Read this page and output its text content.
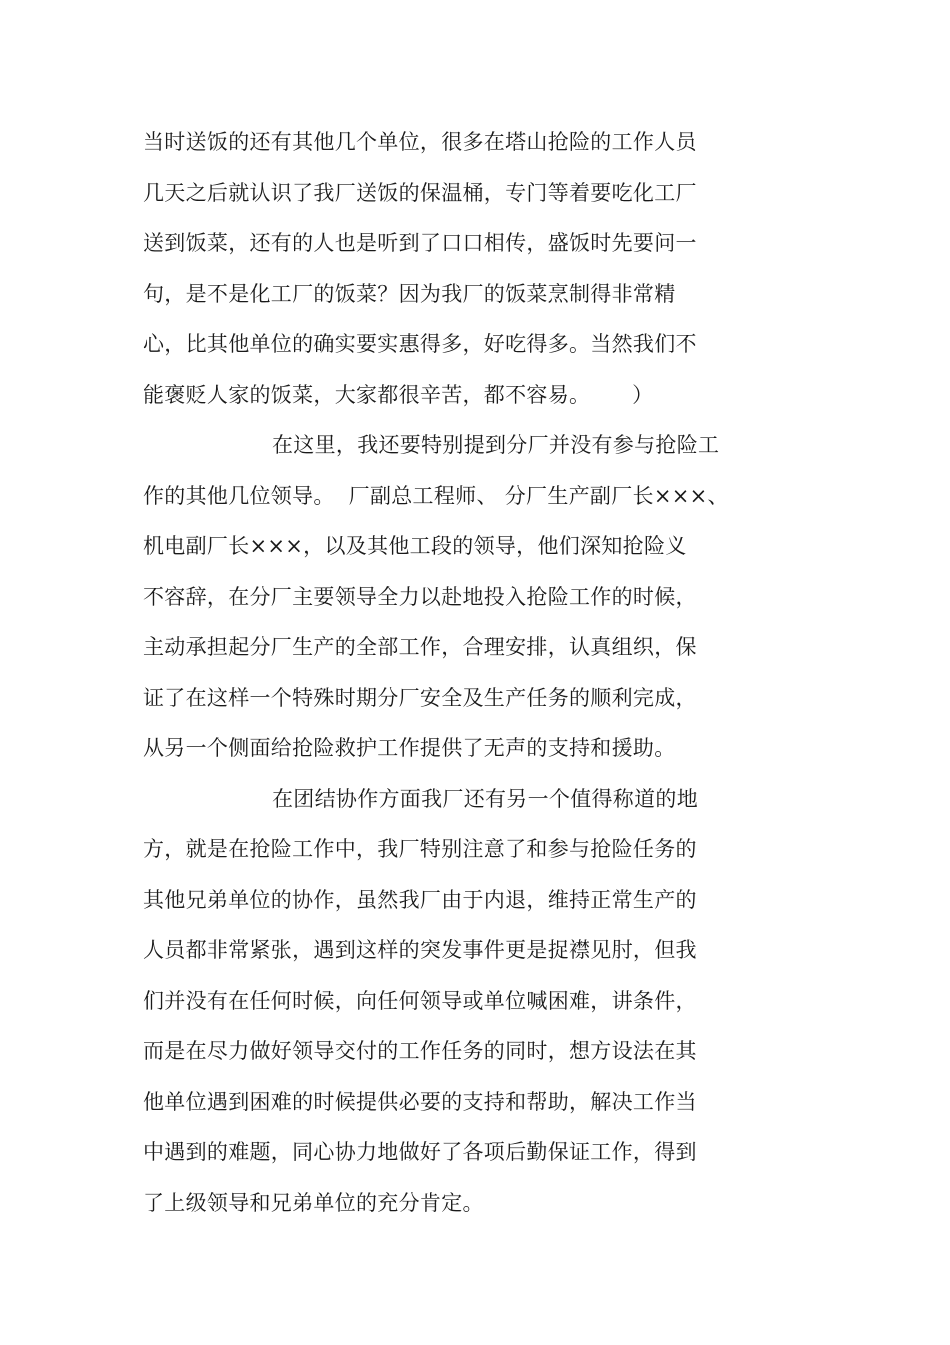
当时送饭的还有其他几个单位，很多在塔山抢险的工作人员
几天之后就认识了我厂送饭的保温桶，专门等着要吃化工厂
送到饭菜，还有的人也是听到了口口相传，盛饭时先要问一
句，是不是化工厂的饭菜？因为我厂的饭菜烹制得非常精
心，比其他单位的确实要实惠得多，好吃得多。当然我们不
能褒贬人家的饭菜，大家都很辛苦，都不容易。      ）
在这里，我还要特别提到分厂并没有参与抢险工
作的其他几位领导。  厂副总工程师、 分厂生产副厂长×××、
机电副厂长×××，以及其他工段的领导，他们深知抢险义
不容辞，在分厂主要领导全力以赴地投入抢险工作的时候，
主动承担起分厂生产的全部工作，合理安排，认真组织，保
证了在这样一个特殊时期分厂安全及生产任务的顺利完成，
从另一个侧面给抢险救护工作提供了无声的支持和援助。
在团结协作方面我厂还有另一个值得称道的地
方，就是在抢险工作中，我厂特别注意了和参与抢险任务的
其他兄弟单位的协作，虽然我厂由于内退，维持正常生产的
人员都非常紧张，遇到这样的突发事件更是捉襟见肘，但我
们并没有在任何时候，向任何领导或单位喊困难，讲条件，
而是在尽力做好领导交付的工作任务的同时，想方设法在其
他单位遇到困难的时候提供必要的支持和帮助，解决工作当
中遇到的难题，同心协力地做好了各项后勤保证工作，得到
了上级领导和兄弟单位的充分肯定。
